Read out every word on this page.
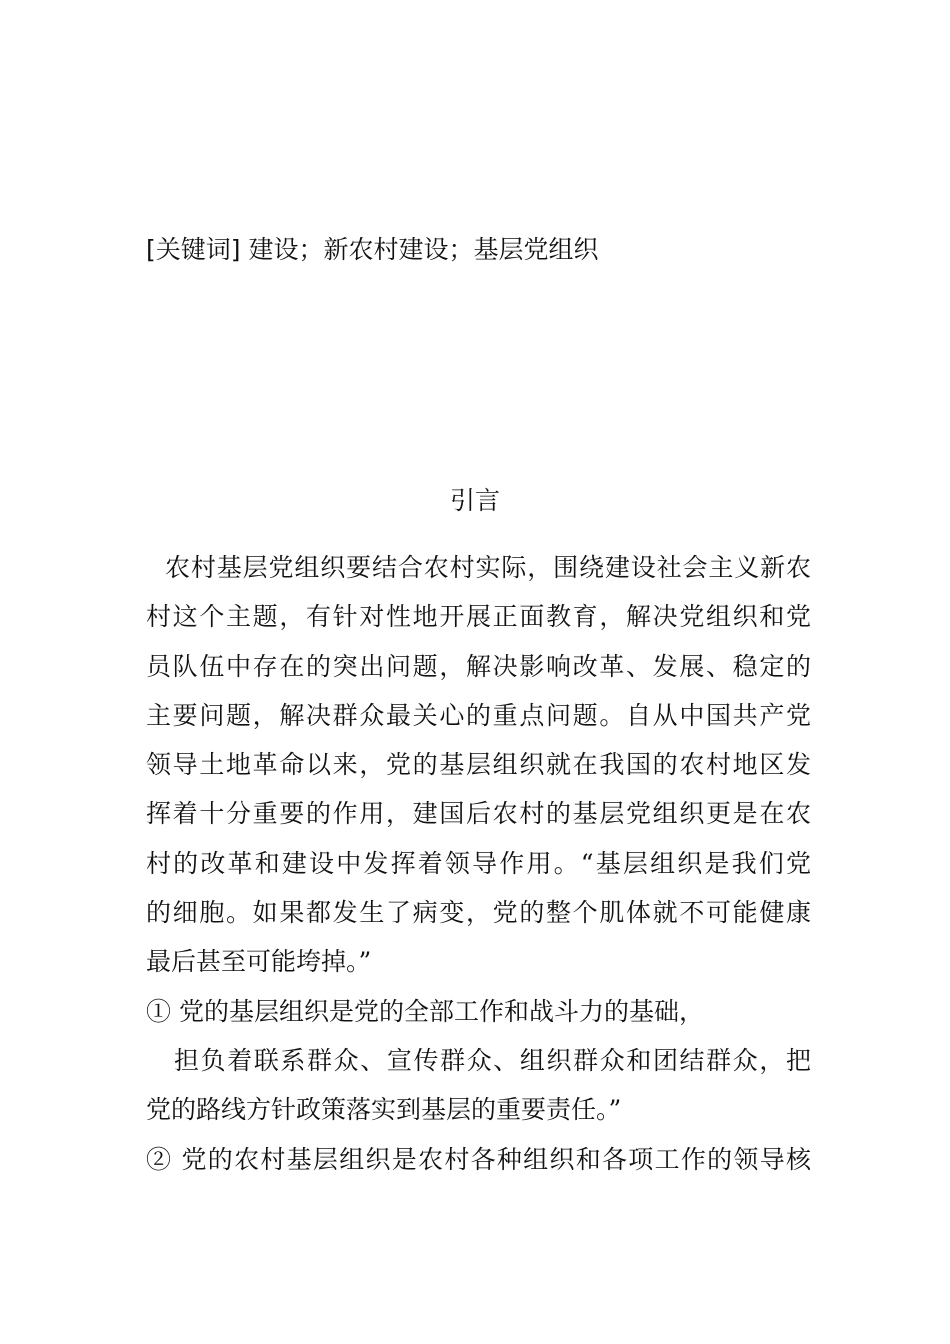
[关键词] 建设；新农村建设；基层党组织
引言
农村基层党组织要结合农村实际，围绕建设社会主义新农
村这个主题，有针对性地开展正面教育，解决党组织和党
员队伍中存在的突出问题，解决影响改革、发展、稳定的
主要问题，解决群众最关心的重点问题。自从中国共产党
领导土地革命以来，党的基层组织就在我国的农村地区发
挥着十分重要的作用，建国后农村的基层党组织更是在农
村的改革和建设中发挥着领导作用。“基层组织是我们党
的细胞。如果都发生了病变，党的整个肌体就不可能健康
最后甚至可能垮掉。”
① 党的基层组织是党的全部工作和战斗力的基础，
担负着联系群众、宣传群众、组织群众和团结群众，把
党的路线方针政策落实到基层的重要责任。”
② 党的农村基层组织是农村各种组织和各项工作的领导核
